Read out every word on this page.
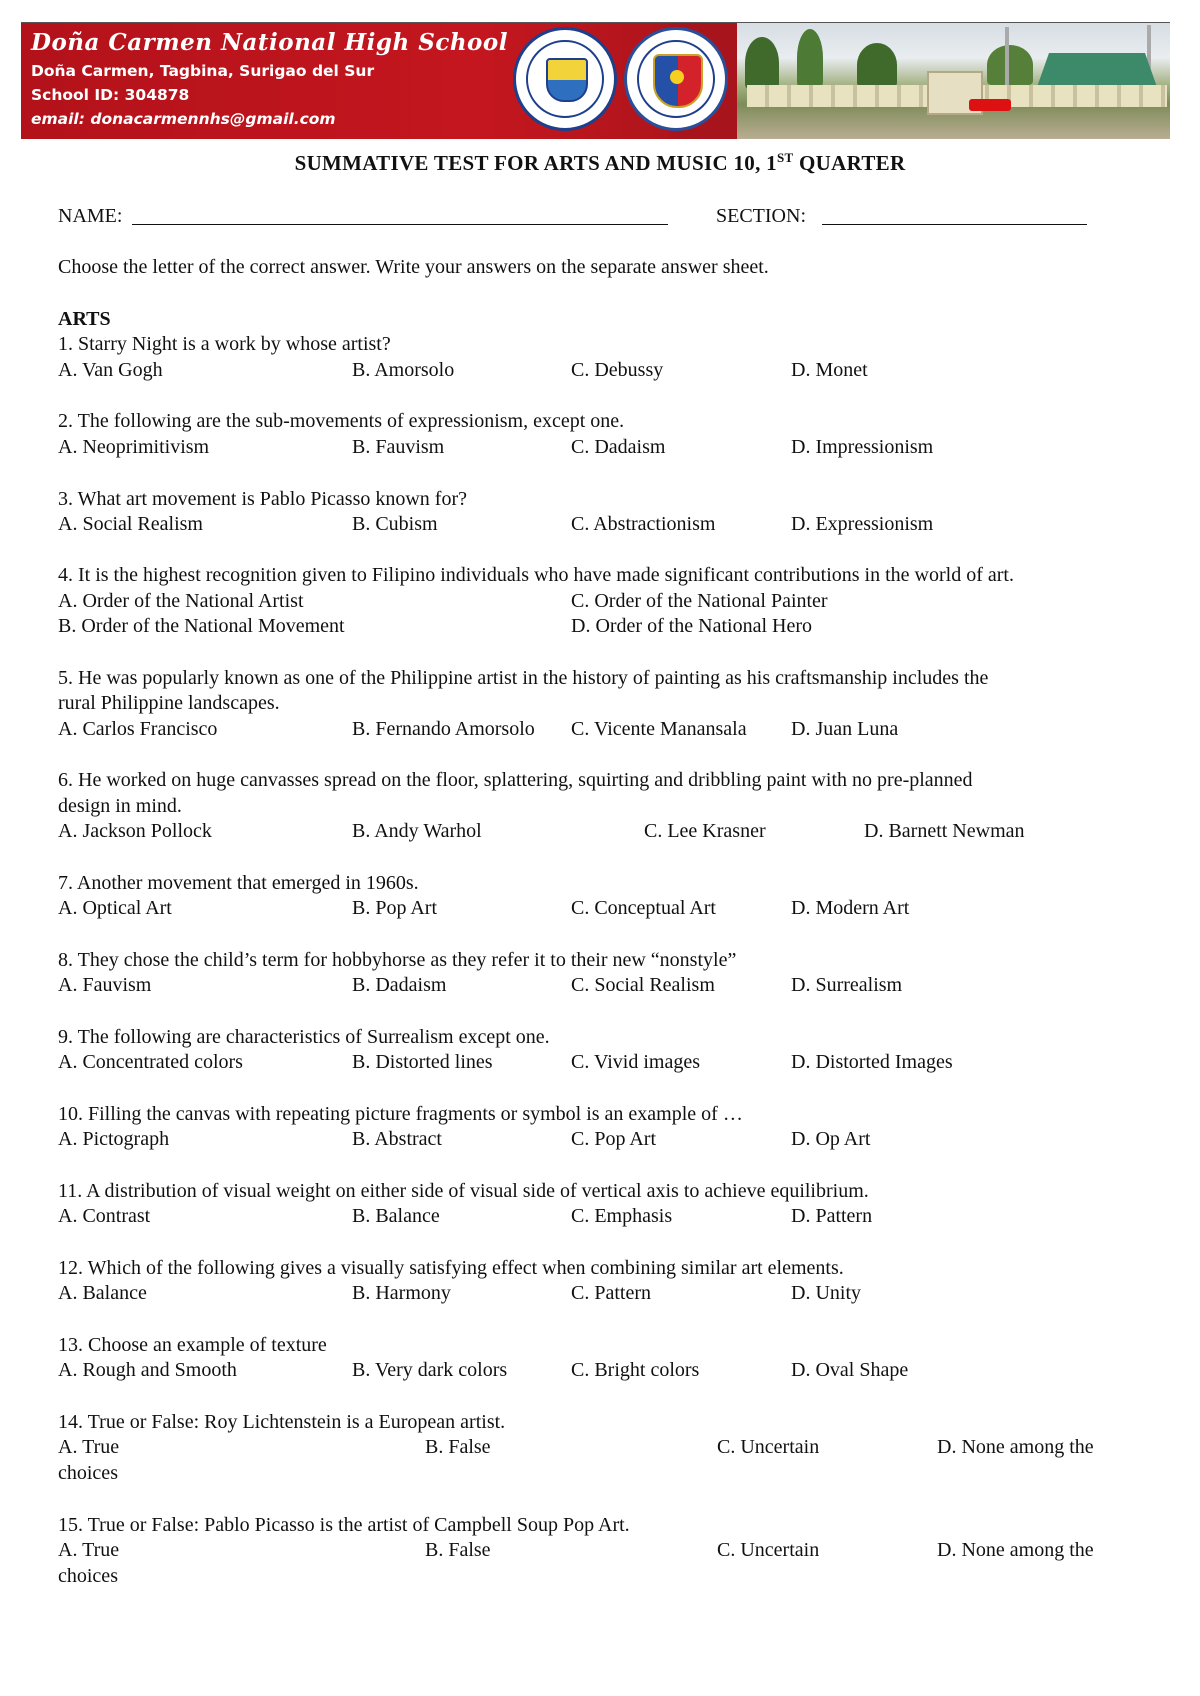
Doña Carmen National High School
Doña Carmen, Tagbina, Surigao del Sur
School ID: 304878
email: donacarmennhs@gmail.com
SUMMATIVE TEST FOR ARTS AND MUSIC 10, 1ST QUARTER
NAME:	SECTION:
Choose the letter of the correct answer. Write your answers on the separate answer sheet.
ARTS
1. Starry Night is a work by whose artist?
A. Van Gogh	B. Amorsolo	C. Debussy	D. Monet
2. The following are the sub-movements of expressionism, except one.
A. Neoprimitivism	B. Fauvism	C. Dadaism	D. Impressionism
3. What art movement is Pablo Picasso known for?
A. Social Realism	B. Cubism	C. Abstractionism	D. Expressionism
4. It is the highest recognition given to Filipino individuals who have made significant contributions in the world of art.
A. Order of the National Artist	C. Order of the National Painter
B. Order of the National Movement	D. Order of the National Hero
5. He was popularly known as one of the Philippine artist in the history of painting as his craftsmanship includes the
rural Philippine landscapes.
A. Carlos Francisco	B. Fernando Amorsolo C. Vicente Manansala D. Juan Luna
6. He worked on huge canvasses spread on the floor, splattering, squirting and dribbling paint with no pre-planned
design in mind.
A. Jackson Pollock	B. Andy Warhol	C. Lee Krasner	D. Barnett Newman
7. Another movement that emerged in 1960s.
A. Optical Art	B. Pop Art	C. Conceptual Art	D. Modern Art
8. They chose the child’s term for hobbyhorse as they refer it to their new “nonstyle”
A. Fauvism	B. Dadaism	C. Social Realism	D. Surrealism
9. The following are characteristics of Surrealism except one.
A. Concentrated colors	B. Distorted lines	C. Vivid images	D. Distorted Images
10. Filling the canvas with repeating picture fragments or symbol is an example of …
A. Pictograph	B. Abstract	C. Pop Art	D. Op Art
11. A distribution of visual weight on either side of visual side of vertical axis to achieve equilibrium.
A. Contrast	B. Balance	C. Emphasis	D. Pattern
12. Which of the following gives a visually satisfying effect when combining similar art elements.
A. Balance	B. Harmony	C. Pattern	D. Unity
13. Choose an example of texture
A. Rough and Smooth	B. Very dark colors	C. Bright colors	D. Oval Shape
14. True or False: Roy Lichtenstein is a European artist.
A. True	B. False	C. Uncertain	D. None among the
choices
15. True or False: Pablo Picasso is the artist of Campbell Soup Pop Art.
A. True	B. False	C. Uncertain	D. None among the
choices
